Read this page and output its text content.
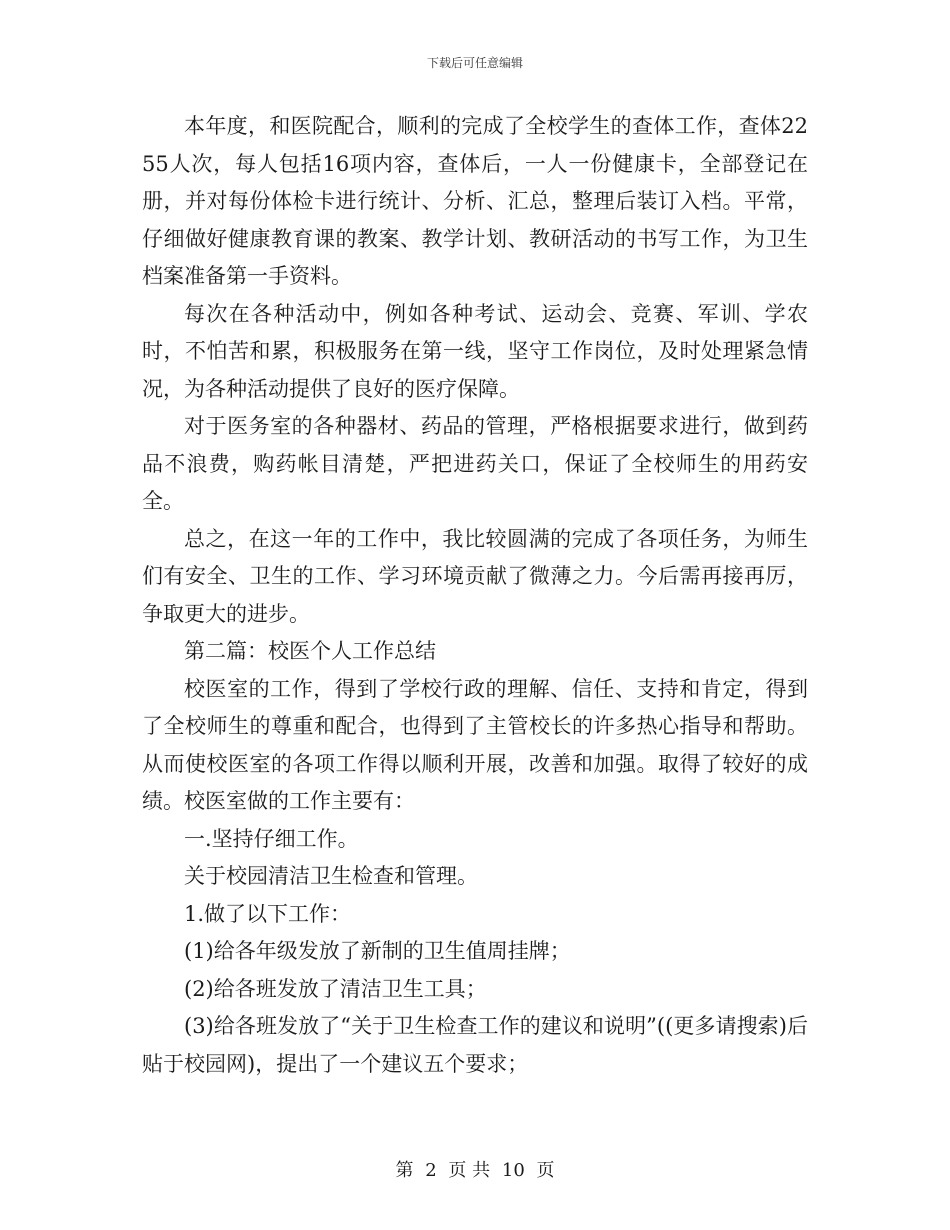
下载后可任意编辑

本年度，和医院配合，顺利的完成了全校学生的查体工作，查体2255人次，每人包括16项内容，查体后，一人一份健康卡，全部登记在册，并对每份体检卡进行统计、分析、汇总，整理后装订入档。平常，仔细做好健康教育课的教案、教学计划、教研活动的书写工作，为卫生档案准备第一手资料。

每次在各种活动中，例如各种考试、运动会、竞赛、军训、学农时，不怕苦和累，积极服务在第一线，坚守工作岗位，及时处理紧急情况，为各种活动提供了良好的医疗保障。

对于医务室的各种器材、药品的管理，严格根据要求进行，做到药品不浪费，购药帐目清楚，严把进药关口，保证了全校师生的用药安全。

总之，在这一年的工作中，我比较圆满的完成了各项任务，为师生们有安全、卫生的工作、学习环境贡献了微薄之力。今后需再接再厉，争取更大的进步。

第二篇：校医个人工作总结

校医室的工作，得到了学校行政的理解、信任、支持和肯定，得到了全校师生的尊重和配合，也得到了主管校长的许多热心指导和帮助。从而使校医室的各项工作得以顺利开展，改善和加强。取得了较好的成绩。校医室做的工作主要有：

一.坚持仔细工作。

关于校园清洁卫生检查和管理。

1.做了以下工作：

(1)给各年级发放了新制的卫生值周挂牌；

(2)给各班发放了清洁卫生工具；

(3)给各班发放了“关于卫生检查工作的建议和说明”((更多请搜索)后贴于校园网)，提出了一个建议五个要求；

第 2 页 共 10 页
